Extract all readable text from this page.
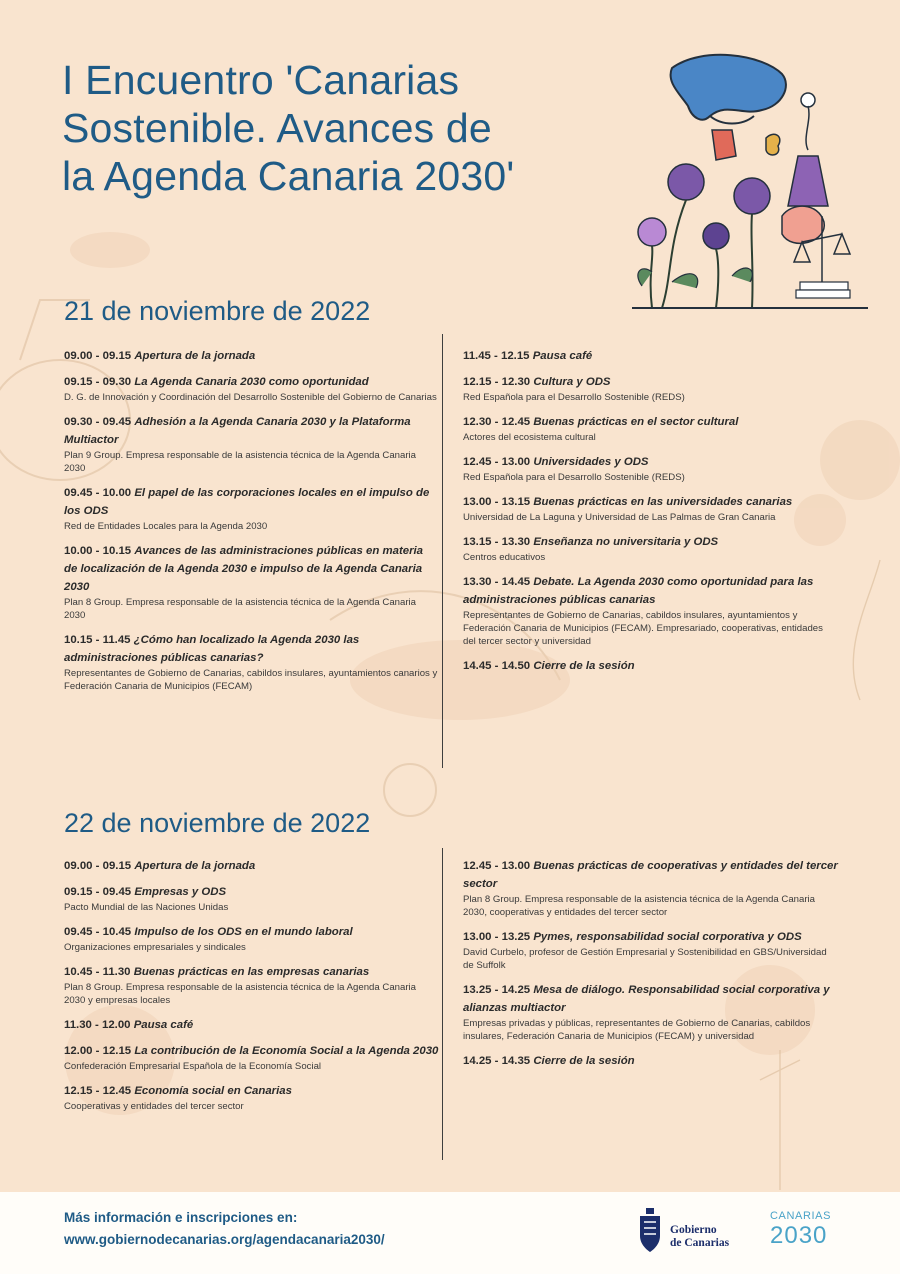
I Encuentro 'Canarias
Sostenible. Avances de
la Agenda Canaria 2030'
21 de noviembre de 2022
09.00 - 09.15 Apertura de la jornada
09.15 - 09.30 La Agenda Canaria 2030 como oportunidad
D. G. de Innovación y Coordinación del Desarrollo Sostenible del Gobierno de Canarias
09.30 - 09.45 Adhesión a la Agenda Canaria 2030 y la Plataforma Multiactor
Plan 9 Group. Empresa responsable de la asistencia técnica de la Agenda Canaria 2030
09.45 - 10.00 El papel de las corporaciones locales en el impulso de los ODS
Red de Entidades Locales para la Agenda 2030
10.00 - 10.15 Avances de las administraciones públicas en materia de localización de la Agenda 2030 e impulso de la Agenda Canaria 2030
Plan 8 Group. Empresa responsable de la asistencia técnica de la Agenda Canaria 2030
10.15 - 11.45 ¿Cómo han localizado la Agenda 2030 las administraciones públicas canarias?
Representantes de Gobierno de Canarias, cabildos insulares, ayuntamientos canarios y Federación Canaria de Municipios (FECAM)
11.45 - 12.15 Pausa café
12.15 - 12.30 Cultura y ODS
Red Española para el Desarrollo Sostenible (REDS)
12.30 - 12.45 Buenas prácticas en el sector cultural
Actores del ecosistema cultural
12.45 - 13.00 Universidades y ODS
Red Española para el Desarrollo Sostenible (REDS)
13.00 - 13.15 Buenas prácticas en las universidades canarias
Universidad de La Laguna y Universidad de Las Palmas de Gran Canaria
13.15 - 13.30 Enseñanza no universitaria y ODS
Centros educativos
13.30 - 14.45 Debate. La Agenda 2030 como oportunidad para las administraciones públicas canarias
Representantes de Gobierno de Canarias, cabildos insulares, ayuntamientos y Federación Canaria de Municipios (FECAM). Empresariado, cooperativas, entidades del tercer sector y universidad
14.45 - 14.50 Cierre de la sesión
22 de noviembre de 2022
09.00 - 09.15 Apertura de la jornada
09.15 - 09.45 Empresas y ODS
Pacto Mundial de las Naciones Unidas
09.45 - 10.45 Impulso de los ODS en el mundo laboral
Organizaciones empresariales y sindicales
10.45 - 11.30 Buenas prácticas en las empresas canarias
Plan 8 Group. Empresa responsable de la asistencia técnica de la Agenda Canaria 2030 y empresas locales
11.30 - 12.00 Pausa café
12.00 - 12.15 La contribución de la Economía Social a la Agenda 2030
Confederación Empresarial Española de la Economía Social
12.15 - 12.45 Economía social en Canarias
Cooperativas y entidades del tercer sector
12.45 - 13.00 Buenas prácticas de cooperativas y entidades del tercer sector
Plan 8 Group. Empresa responsable de la asistencia técnica de la Agenda Canaria 2030, cooperativas y entidades del tercer sector
13.00 - 13.25 Pymes, responsabilidad social corporativa y ODS
David Curbelo, profesor de Gestión Empresarial y Sostenibilidad en GBS/Universidad de Suffolk
13.25 - 14.25 Mesa de diálogo. Responsabilidad social corporativa y alianzas multiactor
Empresas privadas y públicas, representantes de Gobierno de Canarias, cabildos insulares, Federación Canaria de Municipios (FECAM) y universidad
14.25 - 14.35 Cierre de la sesión
Más información e inscripciones en:
www.gobiernodecanarias.org/agendacanaria2030/
Gobierno
de Canarias
CANARIAS
2030
